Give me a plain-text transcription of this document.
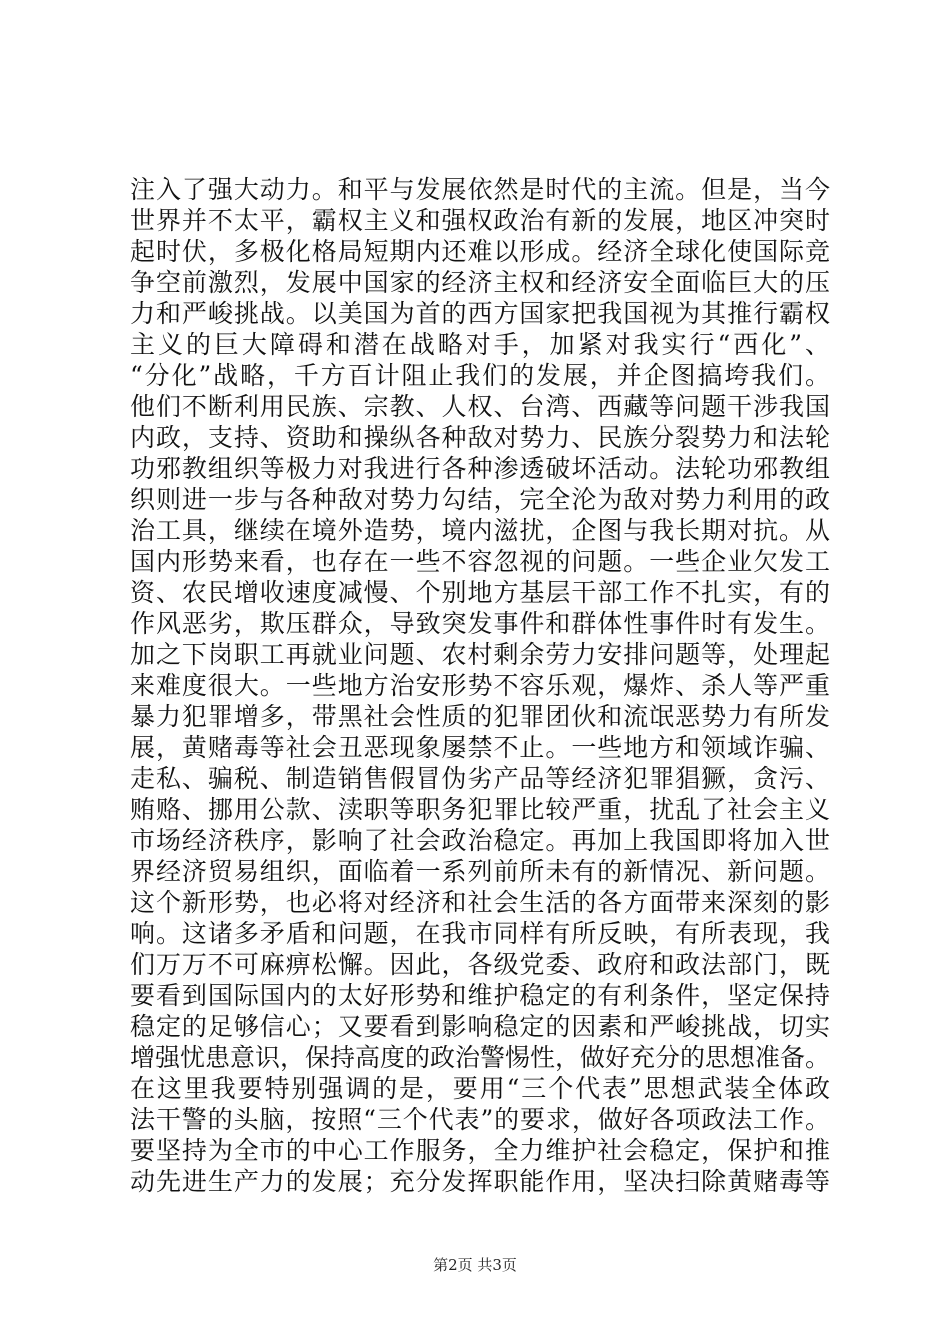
注入了强大动力。和平与发展依然是时代的主流。但是，当今
世界并不太平，霸权主义和强权政治有新的发展，地区冲突时
起时伏，多极化格局短期内还难以形成。经济全球化使国际竞
争空前激烈，发展中国家的经济主权和经济安全面临巨大的压
力和严峻挑战。以美国为首的西方国家把我国视为其推行霸权
主义的巨大障碍和潜在战略对手，加紧对我实行“西化”、
“分化”战略，千方百计阻止我们的发展，并企图搞垮我们。
他们不断利用民族、宗教、人权、台湾、西藏等问题干涉我国
内政，支持、资助和操纵各种敌对势力、民族分裂势力和法轮
功邪教组织等极力对我进行各种渗透破坏活动。法轮功邪教组
织则进一步与各种敌对势力勾结，完全沦为敌对势力利用的政
治工具，继续在境外造势，境内滋扰，企图与我长期对抗。从
国内形势来看，也存在一些不容忽视的问题。一些企业欠发工
资、农民增收速度减慢、个别地方基层干部工作不扎实，有的
作风恶劣，欺压群众，导致突发事件和群体性事件时有发生。
加之下岗职工再就业问题、农村剩余劳力安排问题等，处理起
来难度很大。一些地方治安形势不容乐观，爆炸、杀人等严重
暴力犯罪增多，带黑社会性质的犯罪团伙和流氓恶势力有所发
展，黄赌毒等社会丑恶现象屡禁不止。一些地方和领域诈骗、
走私、骗税、制造销售假冒伪劣产品等经济犯罪猖獗，贪污、
贿赂、挪用公款、渎职等职务犯罪比较严重，扰乱了社会主义
市场经济秩序，影响了社会政治稳定。再加上我国即将加入世
界经济贸易组织，面临着一系列前所未有的新情况、新问题。
这个新形势，也必将对经济和社会生活的各方面带来深刻的影
响。这诸多矛盾和问题，在我市同样有所反映，有所表现，我
们万万不可麻痹松懈。因此，各级党委、政府和政法部门，既
要看到国际国内的太好形势和维护稳定的有利条件，坚定保持
稳定的足够信心；又要看到影响稳定的因素和严峻挑战，切实
增强忧患意识，保持高度的政治警惕性，做好充分的思想准备。
在这里我要特别强调的是，要用“三个代表”思想武装全体政
法干警的头脑，按照“三个代表”的要求，做好各项政法工作。
要坚持为全市的中心工作服务，全力维护社会稳定，保护和推
动先进生产力的发展；充分发挥职能作用，坚决扫除黄赌毒等
第2页 共3页
